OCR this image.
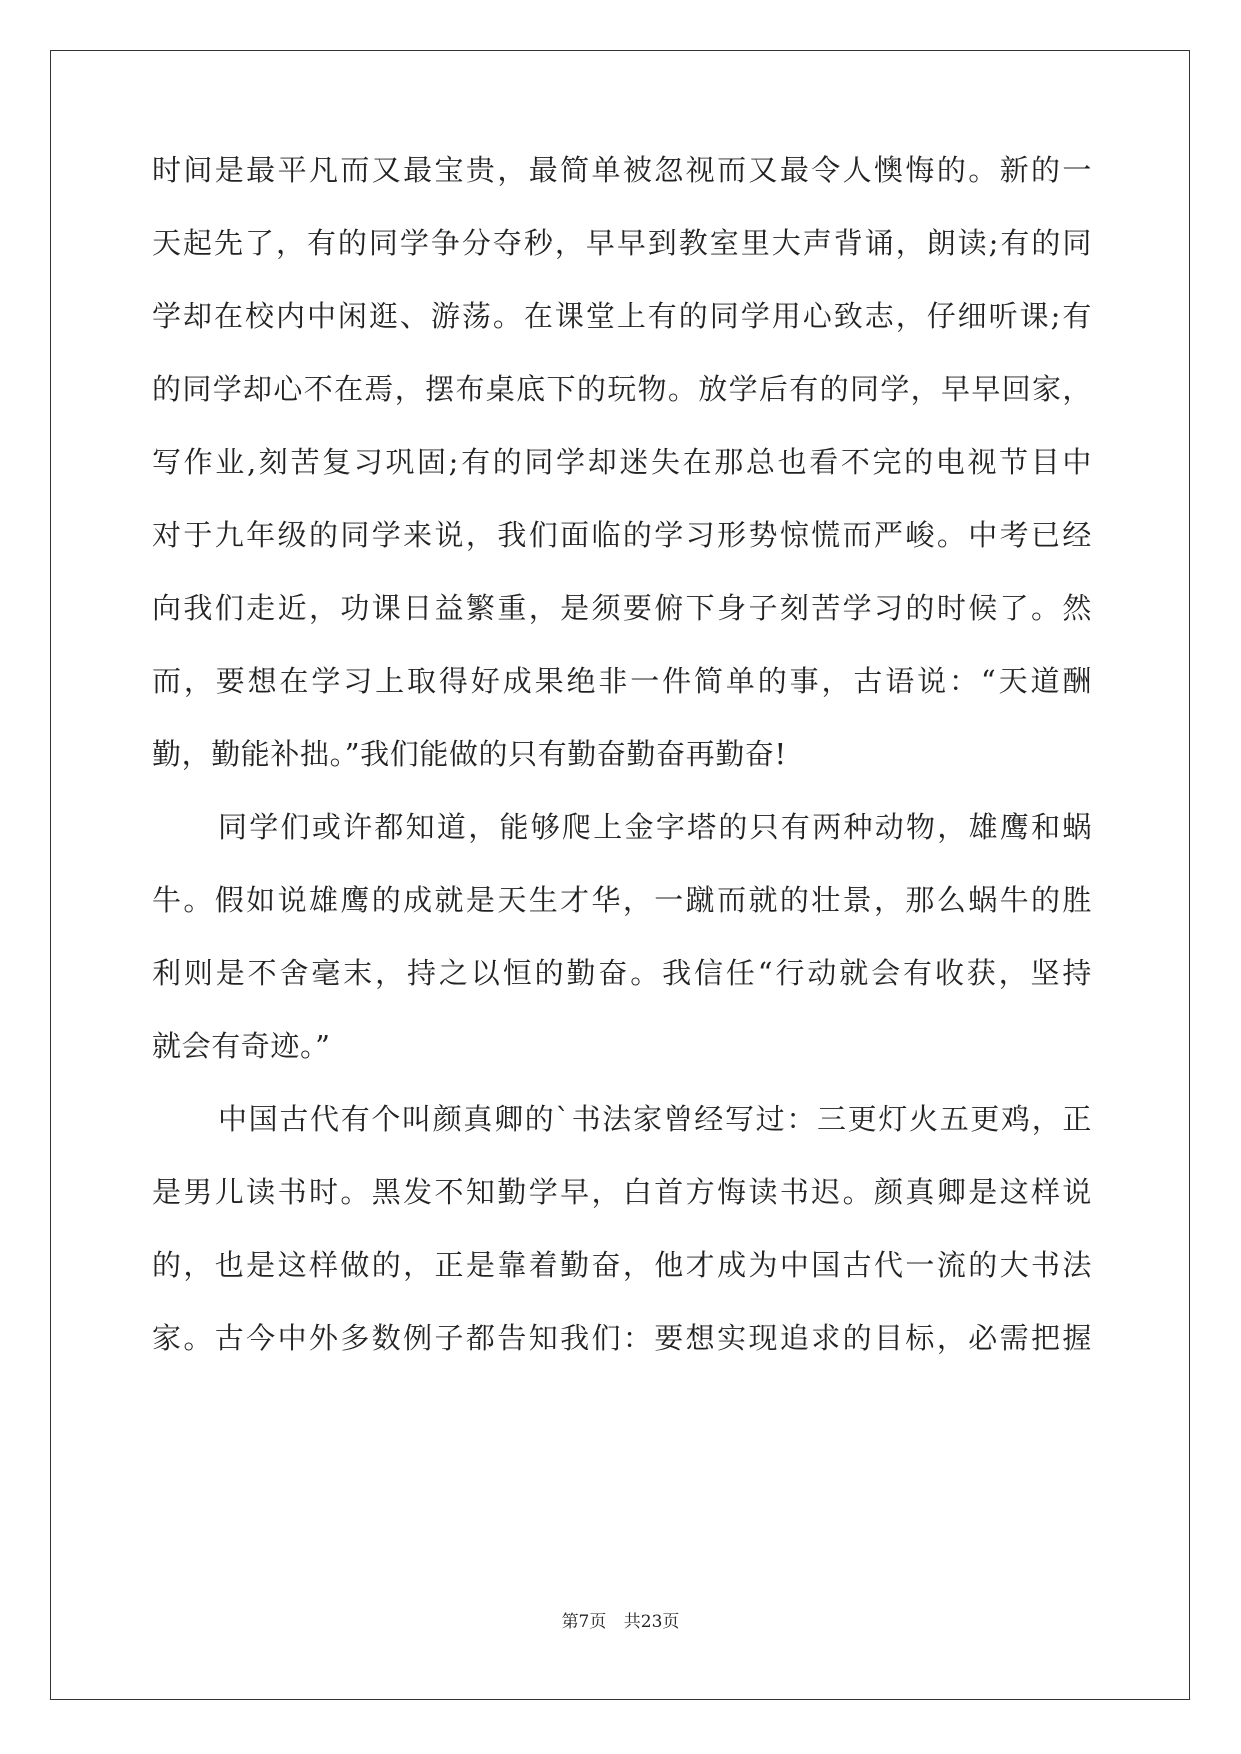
时间是最平凡而又最宝贵，最简单被忽视而又最令人懊悔的。新的一
天起先了，有的同学争分夺秒，早早到教室里大声背诵，朗读;有的同
学却在校内中闲逛、游荡。在课堂上有的同学用心致志，仔细听课;有
的同学却心不在焉，摆布桌底下的玩物。放学后有的同学，早早回家，
写作业,刻苦复习巩固;有的同学却迷失在那总也看不完的电视节目中
对于九年级的同学来说，我们面临的学习形势惊慌而严峻。中考已经
向我们走近，功课日益繁重，是须要俯下身子刻苦学习的时候了。然
而，要想在学习上取得好成果绝非一件简单的事，古语说：“天道酬
勤，勤能补拙。”我们能做的只有勤奋勤奋再勤奋!
同学们或许都知道，能够爬上金字塔的只有两种动物，雄鹰和蜗
牛。假如说雄鹰的成就是天生才华，一蹴而就的壮景，那么蜗牛的胜
利则是不舍毫末，持之以恒的勤奋。我信任“行动就会有收获，坚持
就会有奇迹。”
中国古代有个叫颜真卿的`书法家曾经写过：三更灯火五更鸡，正
是男儿读书时。黑发不知勤学早，白首方悔读书迟。颜真卿是这样说
的，也是这样做的，正是靠着勤奋，他才成为中国古代一流的大书法
家。古今中外多数例子都告知我们：要想实现追求的目标，必需把握
第7页 共23页
